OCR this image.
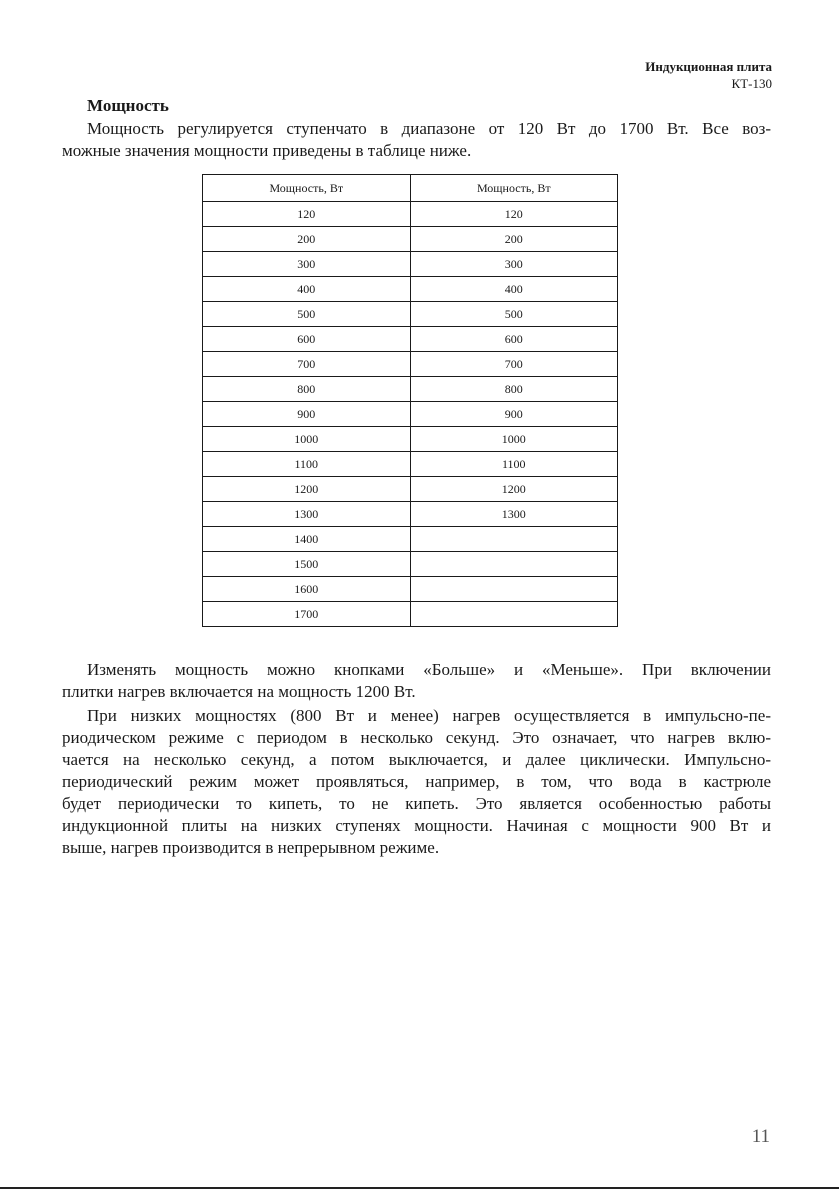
Индукционная плита
КТ-130
Мощность
Мощность регулируется ступенчато в диапазоне от 120 Вт до 1700 Вт. Все воз-
можные значения мощности приведены в таблице ниже.
Мощность, Вт	Мощность, Вт
120	120
200	200
300	300
400	400
500	500
600	600
700	700
800	800
900	900
1000	1000
1100	1100
1200	1200
1300	1300
1400	
1500	
1600	
1700	
Изменять мощность можно кнопками «Больше» и «Меньше». При включении
плитки нагрев включается на мощность 1200 Вт.
При низких мощностях (800 Вт и менее) нагрев осуществляется в импульсно-пе-
риодическом режиме с периодом в несколько секунд. Это означает, что нагрев вклю-
чается на несколько секунд, а потом выключается, и далее циклически. Импульсно-
периодический режим может проявляться, например, в том, что вода в кастрюле
будет периодически то кипеть, то не кипеть. Это является особенностью работы
индукционной плиты на низких ступенях мощности. Начиная с мощности 900 Вт и
выше, нагрев производится в непрерывном режиме.
11
